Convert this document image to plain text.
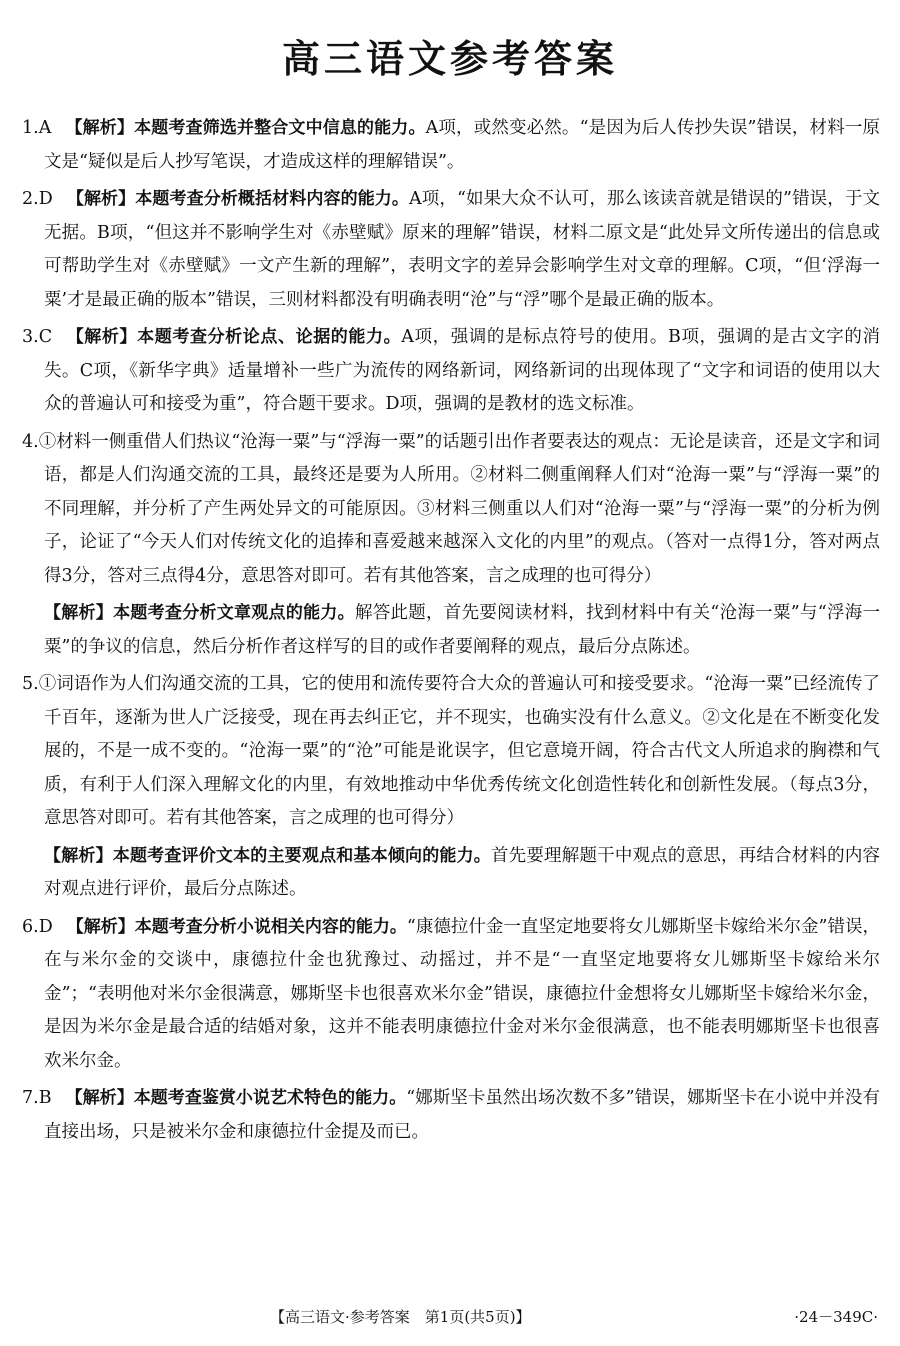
高三语文参考答案

1.A 【解析】本题考查筛选并整合文中信息的能力。A项，或然变必然。“是因为后人传抄失误”错误，材料一原文是“疑似是后人抄写笔误，才造成这样的理解错误”。

2.D 【解析】本题考查分析概括材料内容的能力。A项，“如果大众不认可，那么该读音就是错误的”错误，于文无据。B项，“但这并不影响学生对《赤壁赋》原来的理解”错误，材料二原文是“此处异文所传递出的信息或可帮助学生对《赤壁赋》一文产生新的理解”，表明文字的差异会影响学生对文章的理解。C项，“但‘浮海一粟’才是最正确的版本”错误，三则材料都没有明确表明“沧”与“浮”哪个是最正确的版本。

3.C 【解析】本题考查分析论点、论据的能力。A项，强调的是标点符号的使用。B项，强调的是古文字的消失。C项，《新华字典》适量增补一些广为流传的网络新词，网络新词的出现体现了“文字和词语的使用以大众的普遍认可和接受为重”，符合题干要求。D项，强调的是教材的选文标准。

4.①材料一侧重借人们热议“沧海一粟”与“浮海一粟”的话题引出作者要表达的观点：无论是读音，还是文字和词语，都是人们沟通交流的工具，最终还是要为人所用。②材料二侧重阐释人们对“沧海一粟”与“浮海一粟”的不同理解，并分析了产生两处异文的可能原因。③材料三侧重以人们对“沧海一粟”与“浮海一粟”的分析为例子，论证了“今天人们对传统文化的追捧和喜爱越来越深入文化的内里”的观点。（答对一点得1分，答对两点得3分，答对三点得4分，意思答对即可。若有其他答案，言之成理的也可得分）

【解析】本题考查分析文章观点的能力。解答此题，首先要阅读材料，找到材料中有关“沧海一粟”与“浮海一粟”的争议的信息，然后分析作者这样写的目的或作者要阐释的观点，最后分点陈述。

5.①词语作为人们沟通交流的工具，它的使用和流传要符合大众的普遍认可和接受要求。“沧海一粟”已经流传了千百年，逐渐为世人广泛接受，现在再去纠正它，并不现实，也确实没有什么意义。②文化是在不断变化发展的，不是一成不变的。“沧海一粟”的“沧”可能是讹误字，但它意境开阔，符合古代文人所追求的胸襟和气质，有利于人们深入理解文化的内里，有效地推动中华优秀传统文化创造性转化和创新性发展。（每点3分，意思答对即可。若有其他答案，言之成理的也可得分）

【解析】本题考查评价文本的主要观点和基本倾向的能力。首先要理解题干中观点的意思，再结合材料的内容对观点进行评价，最后分点陈述。

6.D 【解析】本题考查分析小说相关内容的能力。“康德拉什金一直坚定地要将女儿娜斯坚卡嫁给米尔金”错误，在与米尔金的交谈中，康德拉什金也犹豫过、动摇过，并不是“一直坚定地要将女儿娜斯坚卡嫁给米尔金”；“表明他对米尔金很满意，娜斯坚卡也很喜欢米尔金”错误，康德拉什金想将女儿娜斯坚卡嫁给米尔金，是因为米尔金是最合适的结婚对象，这并不能表明康德拉什金对米尔金很满意，也不能表明娜斯坚卡也很喜欢米尔金。

7.B 【解析】本题考查鉴赏小说艺术特色的能力。“娜斯坚卡虽然出场次数不多”错误，娜斯坚卡在小说中并没有直接出场，只是被米尔金和康德拉什金提及而已。

【高三语文·参考答案　第1页(共5页)】	·24－349C·
